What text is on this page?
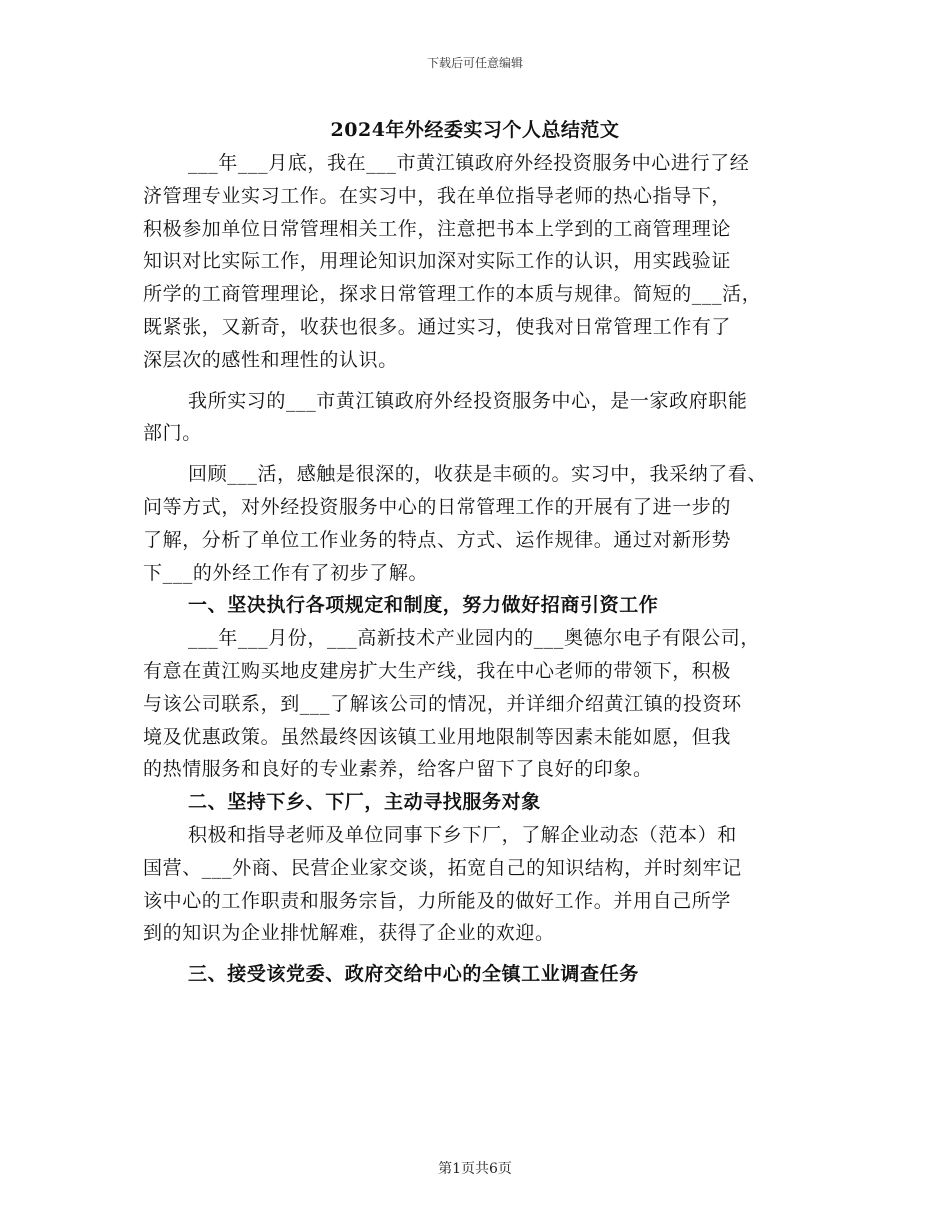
下载后可任意编辑
2024年外经委实习个人总结范文
___年___月底，我在___市黄江镇政府外经投资服务中心进行了经
济管理专业实习工作。在实习中，我在单位指导老师的热心指导下，
积极参加单位日常管理相关工作，注意把书本上学到的工商管理理论
知识对比实际工作，用理论知识加深对实际工作的认识，用实践验证
所学的工商管理理论，探求日常管理工作的本质与规律。简短的___活，
既紧张，又新奇，收获也很多。通过实习，使我对日常管理工作有了
深层次的感性和理性的认识。
我所实习的___市黄江镇政府外经投资服务中心，是一家政府职能
部门。
回顾___活，感触是很深的，收获是丰硕的。实习中，我采纳了看、
问等方式，对外经投资服务中心的日常管理工作的开展有了进一步的
了解，分析了单位工作业务的特点、方式、运作规律。通过对新形势
下___的外经工作有了初步了解。
一、坚决执行各项规定和制度，努力做好招商引资工作
___年___月份，___高新技术产业园内的___奥德尔电子有限公司，
有意在黄江购买地皮建房扩大生产线，我在中心老师的带领下，积极
与该公司联系，到___了解该公司的情况，并详细介绍黄江镇的投资环
境及优惠政策。虽然最终因该镇工业用地限制等因素未能如愿，但我
的热情服务和良好的专业素养，给客户留下了良好的印象。
二、坚持下乡、下厂，主动寻找服务对象
积极和指导老师及单位同事下乡下厂，了解企业动态（范本）和
国营、___外商、民营企业家交谈，拓宽自己的知识结构，并时刻牢记
该中心的工作职责和服务宗旨，力所能及的做好工作。并用自己所学
到的知识为企业排忧解难，获得了企业的欢迎。
三、接受该党委、政府交给中心的全镇工业调查任务
第1页共6页
